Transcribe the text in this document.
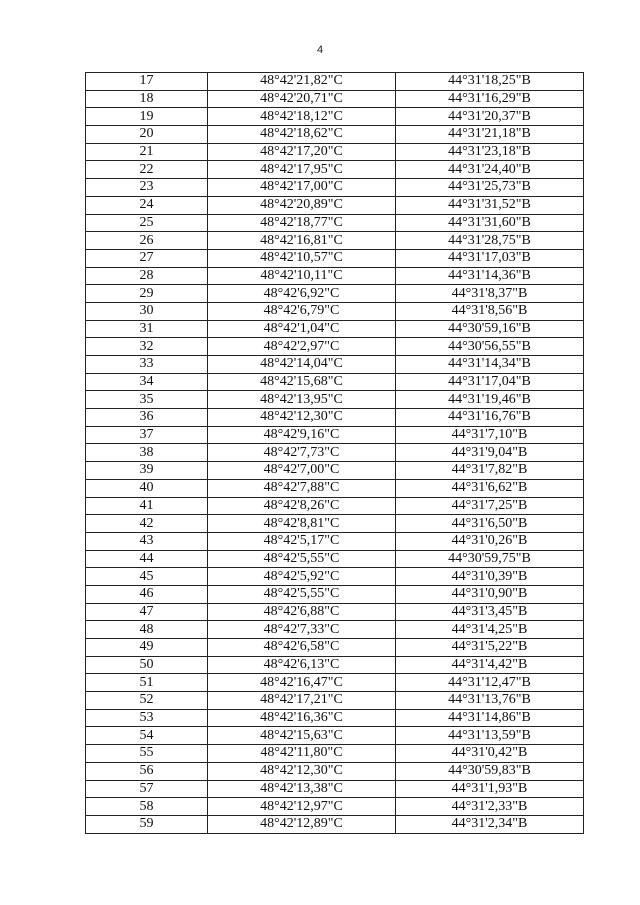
4
17	48°42'21,82"С	44°31'18,25"В
18	48°42'20,71"С	44°31'16,29"В
19	48°42'18,12"С	44°31'20,37"В
20	48°42'18,62"С	44°31'21,18"В
21	48°42'17,20"С	44°31'23,18"В
22	48°42'17,95"С	44°31'24,40"В
23	48°42'17,00"С	44°31'25,73"В
24	48°42'20,89"С	44°31'31,52"В
25	48°42'18,77"С	44°31'31,60"В
26	48°42'16,81"С	44°31'28,75"В
27	48°42'10,57"С	44°31'17,03"В
28	48°42'10,11"С	44°31'14,36"В
29	48°42'6,92"С	44°31'8,37"В
30	48°42'6,79"С	44°31'8,56"В
31	48°42'1,04"С	44°30'59,16"В
32	48°42'2,97"С	44°30'56,55"В
33	48°42'14,04"С	44°31'14,34"В
34	48°42'15,68"С	44°31'17,04"В
35	48°42'13,95"С	44°31'19,46"В
36	48°42'12,30"С	44°31'16,76"В
37	48°42'9,16"С	44°31'7,10"В
38	48°42'7,73"С	44°31'9,04"В
39	48°42'7,00"С	44°31'7,82"В
40	48°42'7,88"С	44°31'6,62"В
41	48°42'8,26"С	44°31'7,25"В
42	48°42'8,81"С	44°31'6,50"В
43	48°42'5,17"С	44°31'0,26"В
44	48°42'5,55"С	44°30'59,75"В
45	48°42'5,92"С	44°31'0,39"В
46	48°42'5,55"С	44°31'0,90"В
47	48°42'6,88"С	44°31'3,45"В
48	48°42'7,33"С	44°31'4,25"В
49	48°42'6,58"С	44°31'5,22"В
50	48°42'6,13"С	44°31'4,42"В
51	48°42'16,47"С	44°31'12,47"В
52	48°42'17,21"С	44°31'13,76"В
53	48°42'16,36"С	44°31'14,86"В
54	48°42'15,63"С	44°31'13,59"В
55	48°42'11,80"С	44°31'0,42"В
56	48°42'12,30"С	44°30'59,83"В
57	48°42'13,38"С	44°31'1,93"В
58	48°42'12,97"С	44°31'2,33"В
59	48°42'12,89"С	44°31'2,34"В
